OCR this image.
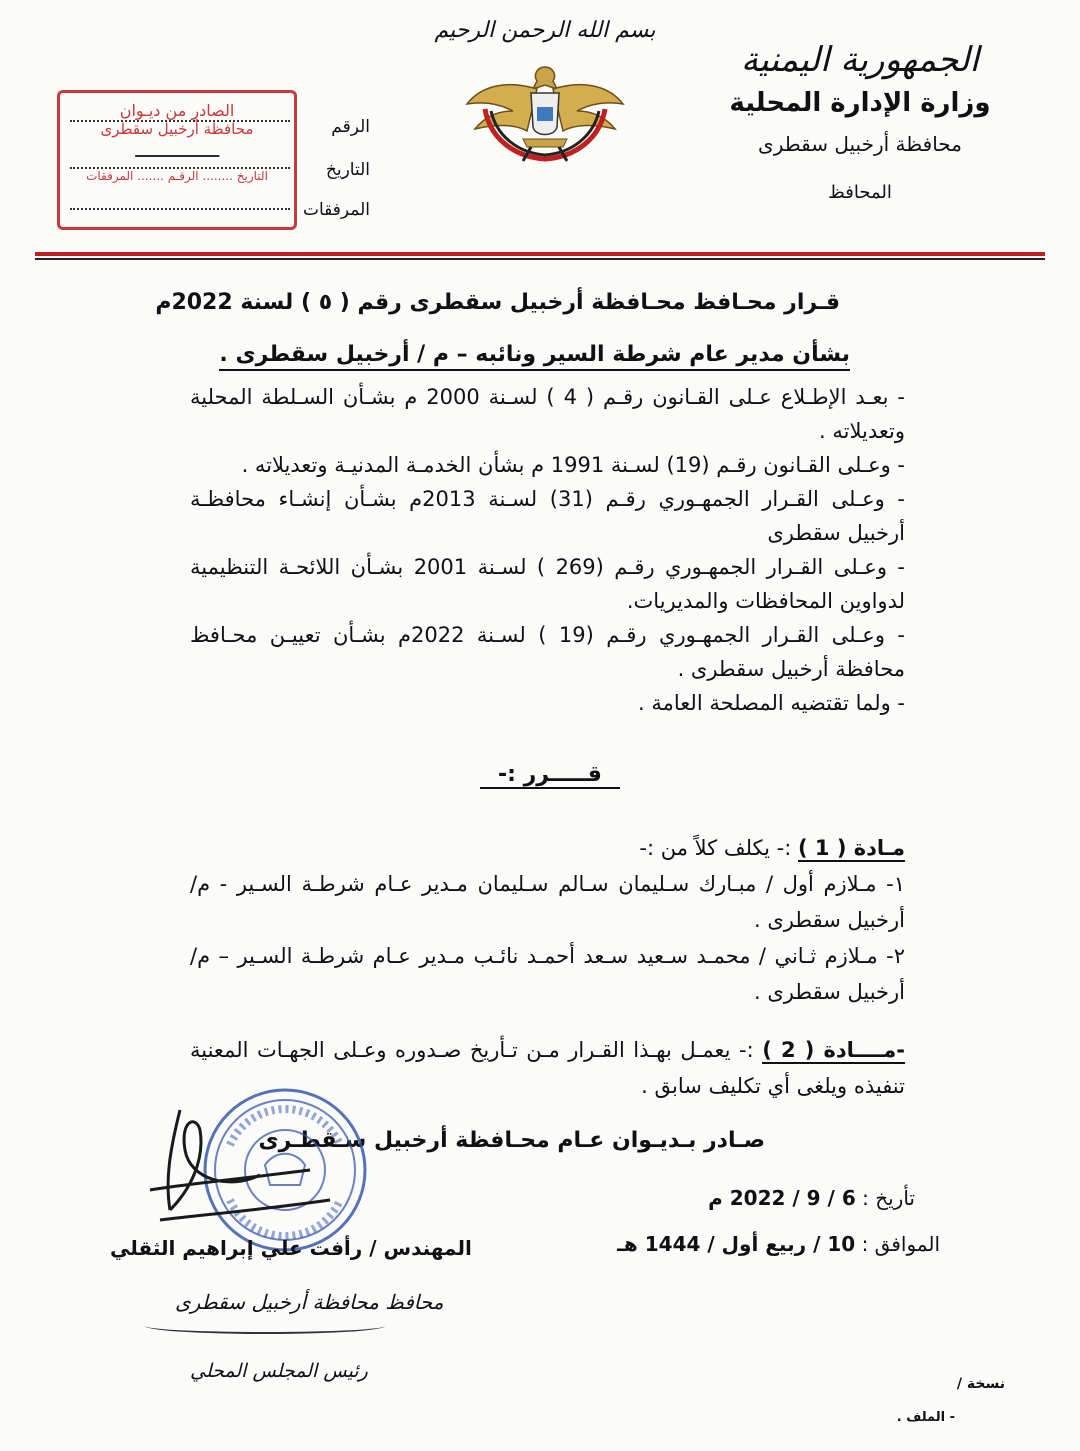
الجمهورية اليمنية
وزارة الإدارة المحلية
محافظة أرخبيل سقطرى
المحافظ
بسم الله الرحمن الرحيم
الرقم
التاريخ
المرفقات
الصادر من ديـوان
محافظة أرخبيل سقطرى
ـــــــــــــ
التاريخ ........ الرقـم ....... المرفقات
قـرار محـافظ محـافظة أرخبيل سقطرى رقم ( ٥ ) لسنة 2022م
بشأن مدير عام شرطة السير ونائبه – م / أرخبيل سقطرى .

- بعـد الإطـلاع عـلى القـانون رقـم ( 4 ) لسـنة 2000 م بشـأن السـلطة المحلية وتعديلاته .

- وعـلى القـانون رقـم (19) لسـنة 1991 م بشأن الخدمـة المدنيـة وتعديلاته .

- وعـلى القـرار الجمهـوري رقـم (31) لسـنة 2013م بشـأن إنشـاء محافظـة أرخبيل سقطرى

- وعـلى القـرار الجمهـوري رقـم (269 ) لسـنة 2001 بشـأن اللائحـة التنظيمية لدواوين المحافظات والمديريات.

- وعـلى القـرار الجمهـوري رقـم (19 ) لسـنة 2022م بشـأن تعييـن محـافظ محافظة أرخبيل سقطرى .

- ولما تقتضيه المصلحة العامة .

قـــــرر :-
مـادة ( 1 ) :- يكلف كلاً من :-
١- مـلازم أول / مبـارك سـليمان سـالم سـليمان مـدير عـام شرطـة السـير - م/ أرخبيل سقطرى .
٢- مـلازم ثـاني / محمـد سـعيد سـعد أحمـد نائـب مـدير عـام شرطـة السـير – م/ أرخبيل سقطرى .
-مــــادة ( 2 ) :- يعمـل بهـذا القـرار مـن تـأريخ صـدوره وعـلى الجهـات المعنية تنفيذه ويلغى أي تكليف سابق .
صـادر بـديـوان عـام محـافظة أرخبيل سـقطـرى
تأريخ : 6 / 9 / 2022 م
الموافق : 10 / ربيع أول / 1444 هـ
المهندس / رأفت علي إبراهيم الثقلي
محافظ محافظة أرخبيل سقطرى
رئيس المجلس المحلي
نسخة /
- الملف .
